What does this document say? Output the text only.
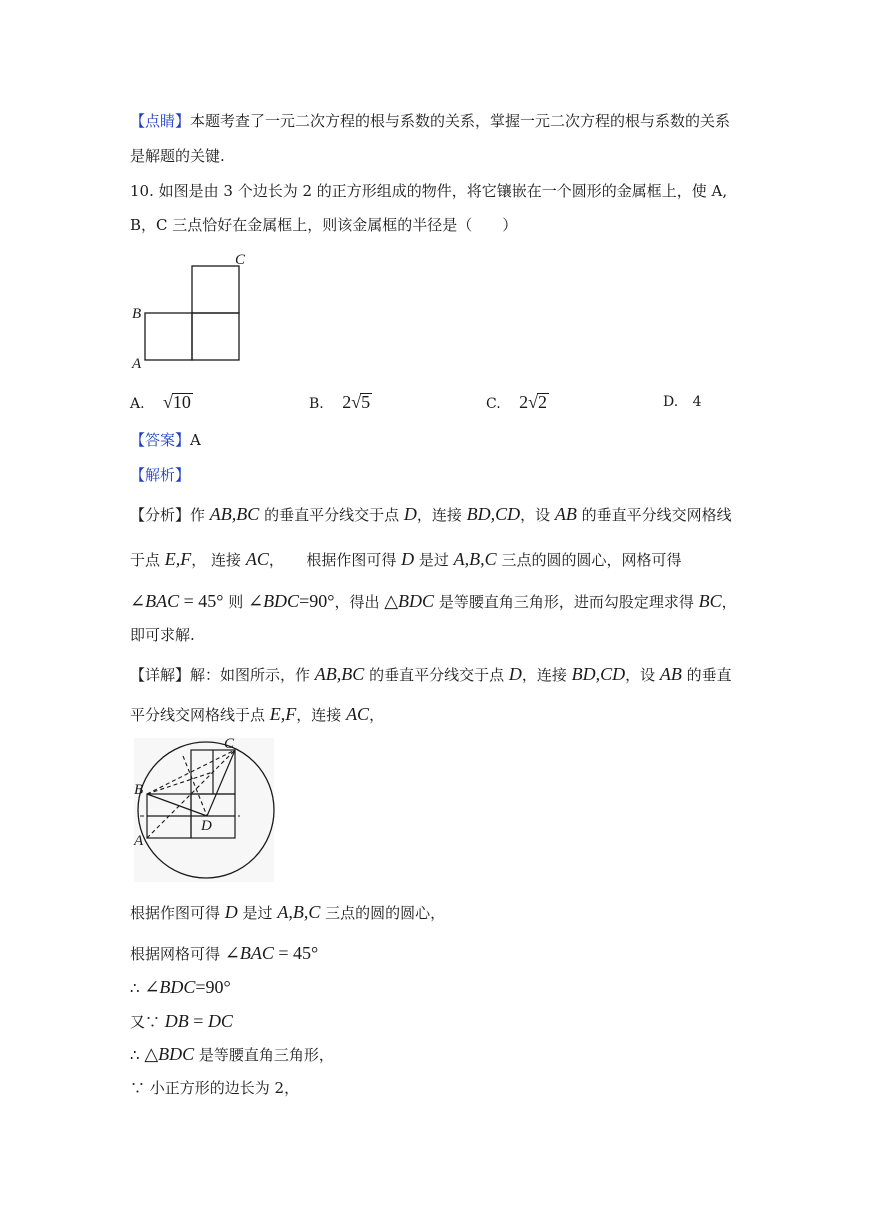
【点睛】本题考查了一元二次方程的根与系数的关系，掌握一元二次方程的根与系数的关系
是解题的关键.
10. 如图是由 3 个边长为 2 的正方形组成的物件，将它镶嵌在一个圆形的金属框上，使 A,
B，C 三点恰好在金属框上，则该金属框的半径是（　　）
C
B
A
A. √10	B. 2√5	C. 2√2	D. 4
【答案】A
【解析】
【分析】作 AB,BC 的垂直平分线交于点 D，连接 BD,CD，设 AB 的垂直平分线交网格线
于点 E,F， 连接 AC，　　根据作图可得 D 是过 A,B,C 三点的圆的圆心，网格可得
∠BAC = 45° 则 ∠BDC=90°，得出 △BDC 是等腰直角三角形，进而勾股定理求得 BC，
即可求解.
【详解】解：如图所示，作 AB,BC 的垂直平分线交于点 D，连接 BD,CD，设 AB 的垂直
平分线交网格线于点 E,F，连接 AC，
C
B
A
D
根据作图可得 D 是过 A,B,C 三点的圆的圆心，
根据网格可得 ∠BAC = 45°
∴ ∠BDC=90°
又∵ DB = DC
∴ △BDC 是等腰直角三角形，
∵ 小正方形的边长为 2，
